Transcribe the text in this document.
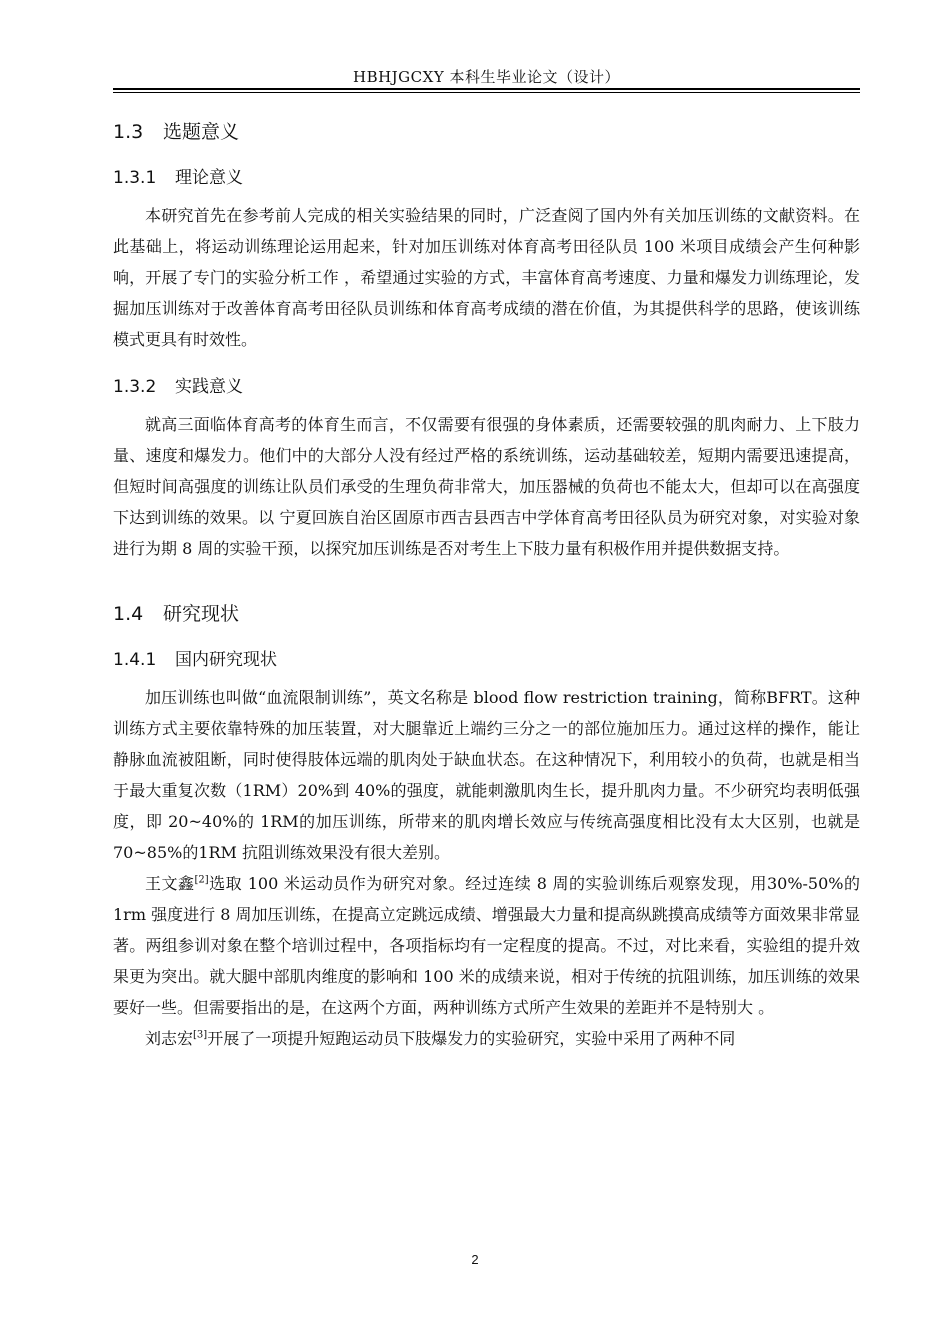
HBHJGCXY 本科生毕业论文（设计）
1.3 选题意义
1.3.1 理论意义

本研究首先在参考前人完成的相关实验结果的同时，广泛查阅了国内外有关加压训练的文献资料。在此基础上，将运动训练理论运用起来，针对加压训练对体育高考田径队员 100 米项目成绩会产生何种影响，开展了专门的实验分析工作 ，希望通过实验的方式，丰富体育高考速度、力量和爆发力训练理论，发掘加压训练对于改善体育高考田径队员训练和体育高考成绩的潜在价值，为其提供科学的思路，使该训练模式更具有时效性。

1.3.2 实践意义

就高三面临体育高考的体育生而言，不仅需要有很强的身体素质，还需要较强的肌肉耐力、上下肢力量、速度和爆发力。他们中的大部分人没有经过严格的系统训练，运动基础较差，短期内需要迅速提高，但短时间高强度的训练让队员们承受的生理负荷非常大，加压器械的负荷也不能太大，但却可以在高强度下达到训练的效果。以 宁夏回族自治区固原市西吉县西吉中学体育高考田径队员为研究对象，对实验对象进行为期 8 周的实验干预，以探究加压训练是否对考生上下肢力量有积极作用并提供数据支持。

1.4 研究现状
1.4.1 国内研究现状

加压训练也叫做“血流限制训练”，英文名称是 blood flow restriction training，简称BFRT。这种训练方式主要依靠特殊的加压装置，对大腿靠近上端约三分之一的部位施加压力。通过这样的操作，能让静脉血流被阻断，同时使得肢体远端的肌肉处于缺血状态。在这种情况下，利用较小的负荷，也就是相当于最大重复次数（1RM）20%到 40%的强度，就能刺激肌肉生长，提升肌肉力量。不少研究均表明低强度，即 20~40%的 1RM的加压训练，所带来的肌肉增长效应与传统高强度相比没有太大区别，也就是 70~85%的1RM 抗阻训练效果没有很大差别。

王文鑫[2]选取 100 米运动员作为研究对象。经过连续 8 周的实验训练后观察发现，用30%-50%的 1rm 强度进行 8 周加压训练，在提高立定跳远成绩、增强最大力量和提高纵跳摸高成绩等方面效果非常显著。两组参训对象在整个培训过程中，各项指标均有一定程度的提高。不过，对比来看，实验组的提升效果更为突出。就大腿中部肌肉维度的影响和 100 米的成绩来说，相对于传统的抗阻训练，加压训练的效果要好一些。但需要指出的是，在这两个方面，两种训练方式所产生效果的差距并不是特别大 。

刘志宏[3]开展了一项提升短跑运动员下肢爆发力的实验研究，实验中采用了两种不同

2
